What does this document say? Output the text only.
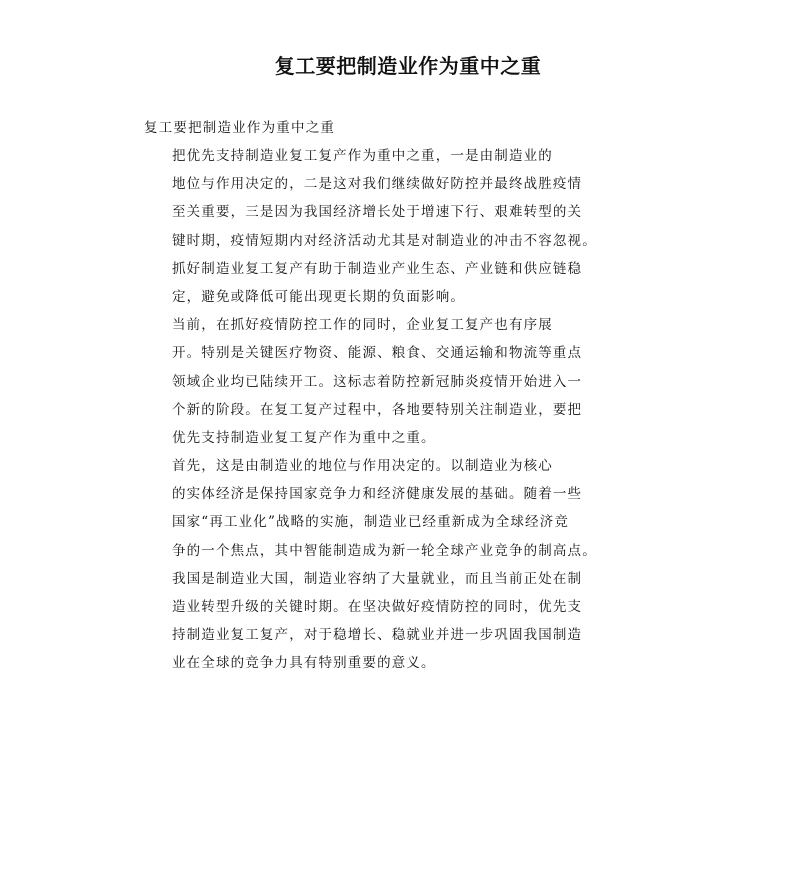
复工要把制造业作为重中之重
复工要把制造业作为重中之重
把优先支持制造业复工复产作为重中之重，一是由制造业的
地位与作用决定的，二是这对我们继续做好防控并最终战胜疫情
至关重要，三是因为我国经济增长处于增速下行、艰难转型的关
键时期，疫情短期内对经济活动尤其是对制造业的冲击不容忽视。
抓好制造业复工复产有助于制造业产业生态、产业链和供应链稳
定，避免或降低可能出现更长期的负面影响。
当前，在抓好疫情防控工作的同时，企业复工复产也有序展
开。特别是关键医疗物资、能源、粮食、交通运输和物流等重点
领域企业均已陆续开工。这标志着防控新冠肺炎疫情开始进入一
个新的阶段。在复工复产过程中，各地要特别关注制造业，要把
优先支持制造业复工复产作为重中之重。
首先，这是由制造业的地位与作用决定的。以制造业为核心
的实体经济是保持国家竞争力和经济健康发展的基础。随着一些
国家“再工业化”战略的实施，制造业已经重新成为全球经济竞
争的一个焦点，其中智能制造成为新一轮全球产业竞争的制高点。
我国是制造业大国，制造业容纳了大量就业，而且当前正处在制
造业转型升级的关键时期。在坚决做好疫情防控的同时，优先支
持制造业复工复产，对于稳增长、稳就业并进一步巩固我国制造
业在全球的竞争力具有特别重要的意义。
